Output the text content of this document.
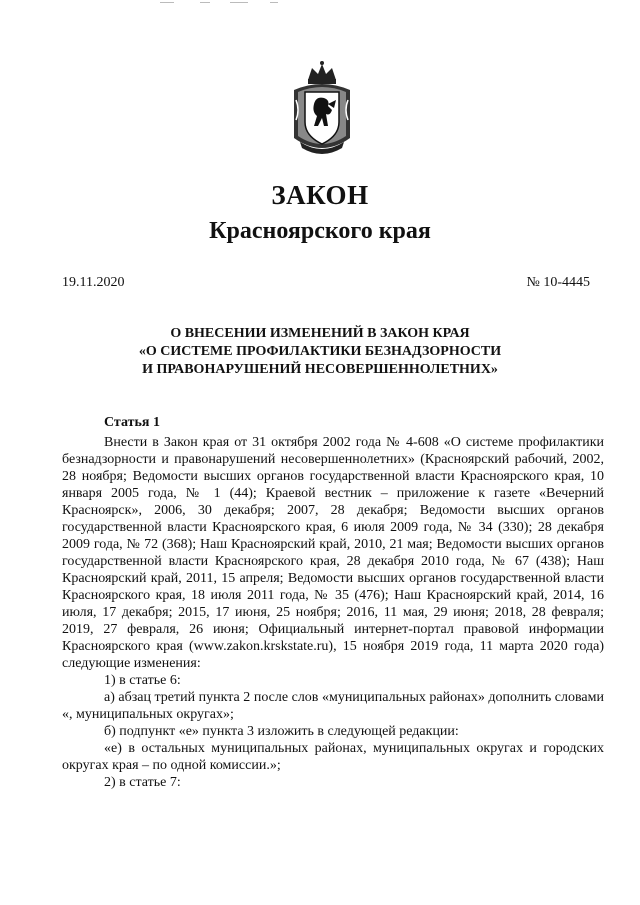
ЗАКОН
Красноярского края
19.11.2020	№ 10-4445
О ВНЕСЕНИИ ИЗМЕНЕНИЙ В ЗАКОН КРАЯ
«О СИСТЕМЕ ПРОФИЛАКТИКИ БЕЗНАДЗОРНОСТИ
И ПРАВОНАРУШЕНИЙ НЕСОВЕРШЕННОЛЕТНИХ»
Статья 1

Внести в Закон края от 31 октября 2002 года № 4-608 «О системе профилактики безнадзорности и правонарушений несовершеннолетних» (Красноярский рабочий, 2002, 28 ноября; Ведомости высших органов государственной власти Красноярского края, 10 января 2005 года, № 1 (44); Краевой вестник – приложение к газете «Вечерний Красноярск», 2006, 30 декабря; 2007, 28 декабря; Ведомости высших органов государственной власти Красноярского края, 6 июля 2009 года, № 34 (330); 28 декабря 2009 года, № 72 (368); Наш Красноярский край, 2010, 21 мая; Ведомости высших органов государственной власти Красноярского края, 28 декабря 2010 года, № 67 (438); Наш Красноярский край, 2011, 15 апреля; Ведомости высших органов государственной власти Красноярского края, 18 июля 2011 года, № 35 (476); Наш Красноярский край, 2014, 16 июля, 17 декабря; 2015, 17 июня, 25 ноября; 2016, 11 мая, 29 июня; 2018, 28 февраля; 2019, 27 февраля, 26 июня; Официальный интернет-портал правовой информации Красноярского края (www.zakon.krskstate.ru), 15 ноября 2019 года, 11 марта 2020 года) следующие изменения:

1) в статье 6:

а) абзац третий пункта 2 после слов «муниципальных районах» дополнить словами «, муниципальных округах»;

б) подпункт «е» пункта 3 изложить в следующей редакции:

«е) в остальных муниципальных районах, муниципальных округах и городских округах края – по одной комиссии.»;

2) в статье 7:
